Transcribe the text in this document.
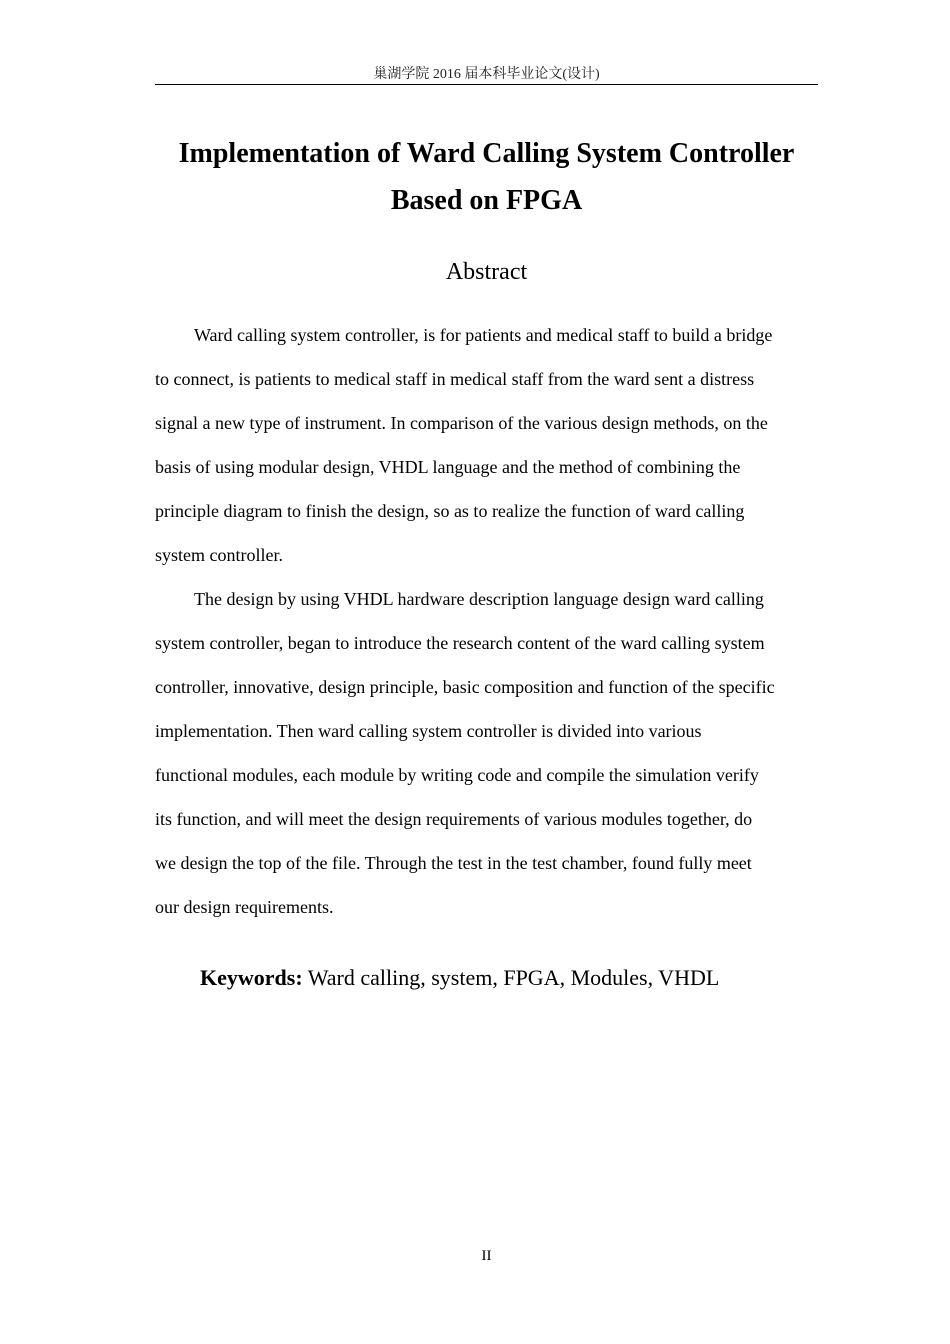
巢湖学院 2016 届本科毕业论文(设计)
Implementation of Ward Calling System Controller
Based on FPGA
Abstract
Ward calling system controller, is for patients and medical staff to build a bridge
to connect, is patients to medical staff in medical staff from the ward sent a distress
signal a new type of instrument. In comparison of the various design methods, on the
basis of using modular design, VHDL language and the method of combining the
principle diagram to finish the design, so as to realize the function of ward calling
system controller.
The design by using VHDL hardware description language design ward calling
system controller, began to introduce the research content of the ward calling system
controller, innovative, design principle, basic composition and function of the specific
implementation. Then ward calling system controller is divided into various
functional modules, each module by writing code and compile the simulation verify
its function, and will meet the design requirements of various modules together, do
we design the top of the file. Through the test in the test chamber, found fully meet
our design requirements.
Keywords: Ward calling, system, FPGA, Modules, VHDL
II
